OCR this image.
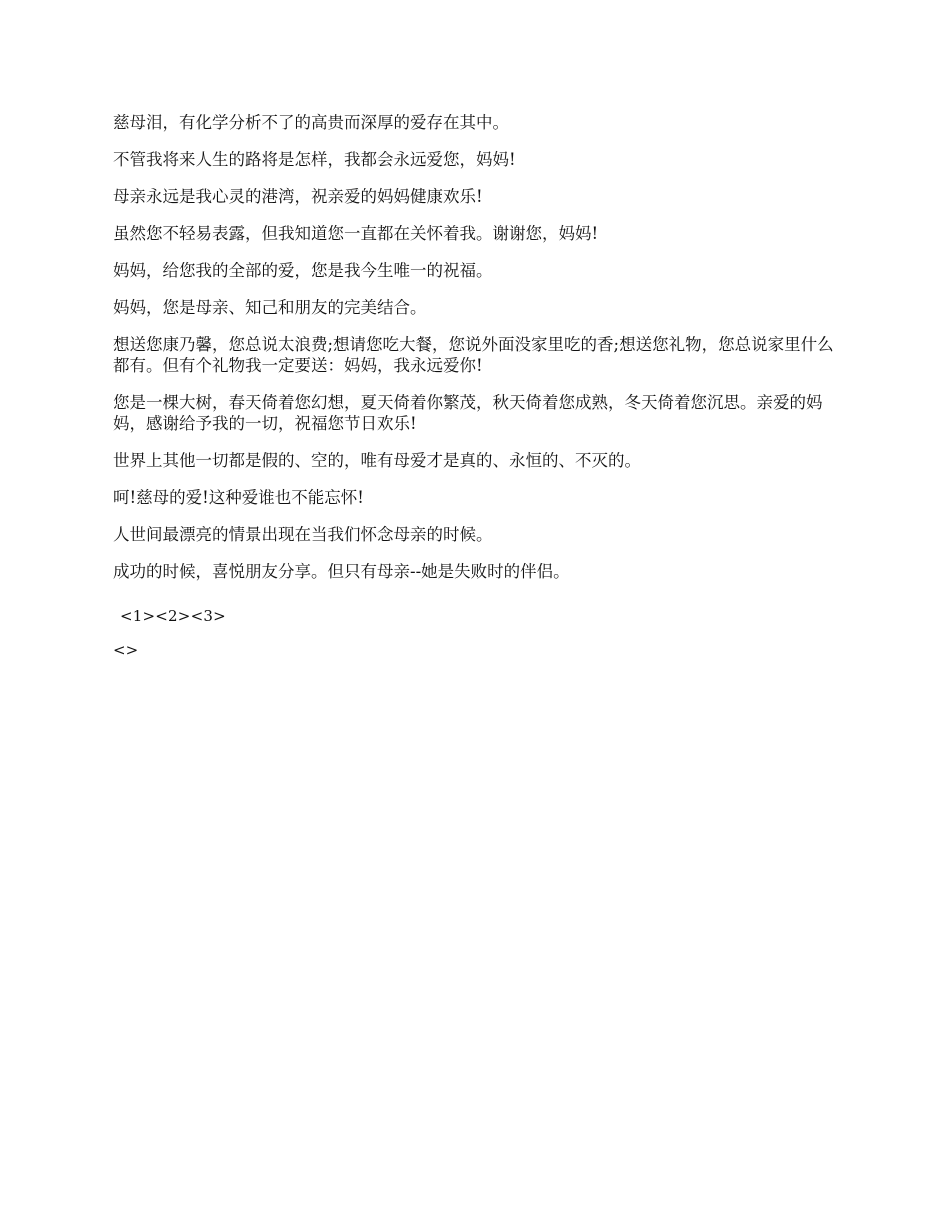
慈母泪，有化学分析不了的高贵而深厚的爱存在其中。

不管我将来人生的路将是怎样，我都会永远爱您，妈妈!

母亲永远是我心灵的港湾，祝亲爱的妈妈健康欢乐!

虽然您不轻易表露，但我知道您一直都在关怀着我。谢谢您，妈妈!

妈妈，给您我的全部的爱，您是我今生唯一的祝福。

妈妈，您是母亲、知己和朋友的完美结合。

想送您康乃馨，您总说太浪费;想请您吃大餐，您说外面没家里吃的香;想送您礼物，您总说家里什么都有。但有个礼物我一定要送：妈妈，我永远爱你!

您是一棵大树，春天倚着您幻想，夏天倚着你繁茂，秋天倚着您成熟，冬天倚着您沉思。亲爱的妈妈，感谢给予我的一切，祝福您节日欢乐!

世界上其他一切都是假的、空的，唯有母爱才是真的、永恒的、不灭的。

呵!慈母的爱!这种爱谁也不能忘怀!

人世间最漂亮的情景出现在当我们怀念母亲的时候。

成功的时候，喜悦朋友分享。但只有母亲--她是失败时的伴侣。

<1><2><3>
<>
